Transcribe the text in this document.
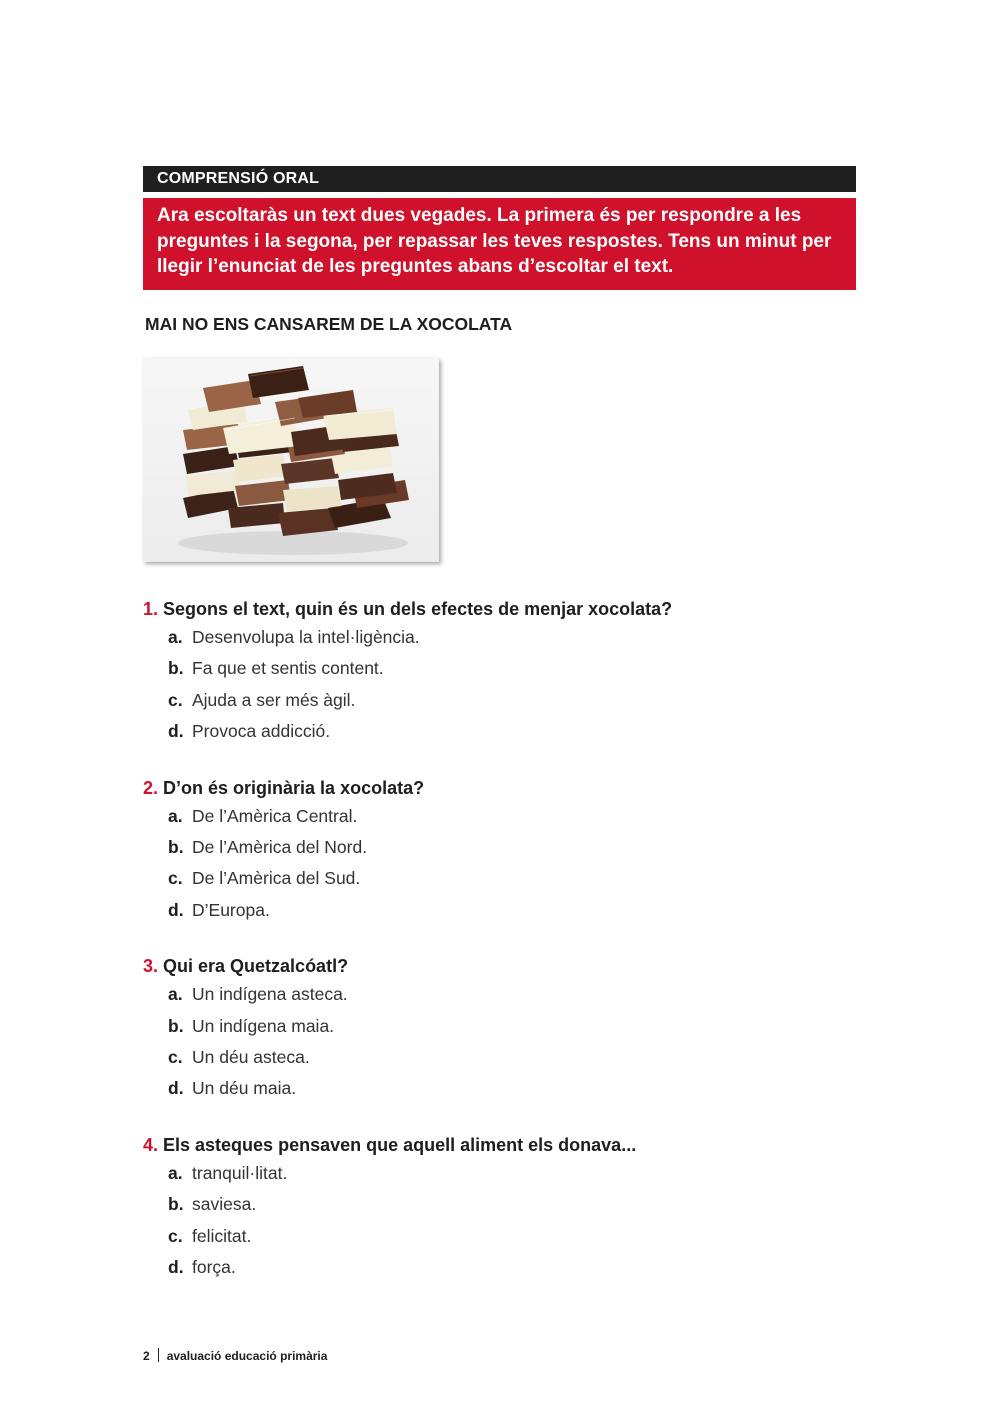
COMPRENSIÓ ORAL
Ara escoltaràs un text dues vegades. La primera és per respondre a les preguntes i la segona, per repassar les teves respostes. Tens un minut per llegir l’enunciat de les preguntes abans d’escoltar el text.
MAI NO ENS CANSAREM DE LA XOCOLATA
1. Segons el text, quin és un dels efectes de menjar xocolata?
a. Desenvolupa la intel·ligència.
b. Fa que et sentis content.
c. Ajuda a ser més àgil.
d. Provoca addicció.
2. D’on és originària la xocolata?
a. De l’Amèrica Central.
b. De l’Amèrica del Nord.
c. De l’Amèrica del Sud.
d. D’Europa.
3. Qui era Quetzalcóatl?
a. Un indígena asteca.
b. Un indígena maia.
c. Un déu asteca.
d. Un déu maia.
4. Els asteques pensaven que aquell aliment els donava...
a. tranquil·litat.
b. saviesa.
c. felicitat.
d. força.
2 avaluació educació primària
